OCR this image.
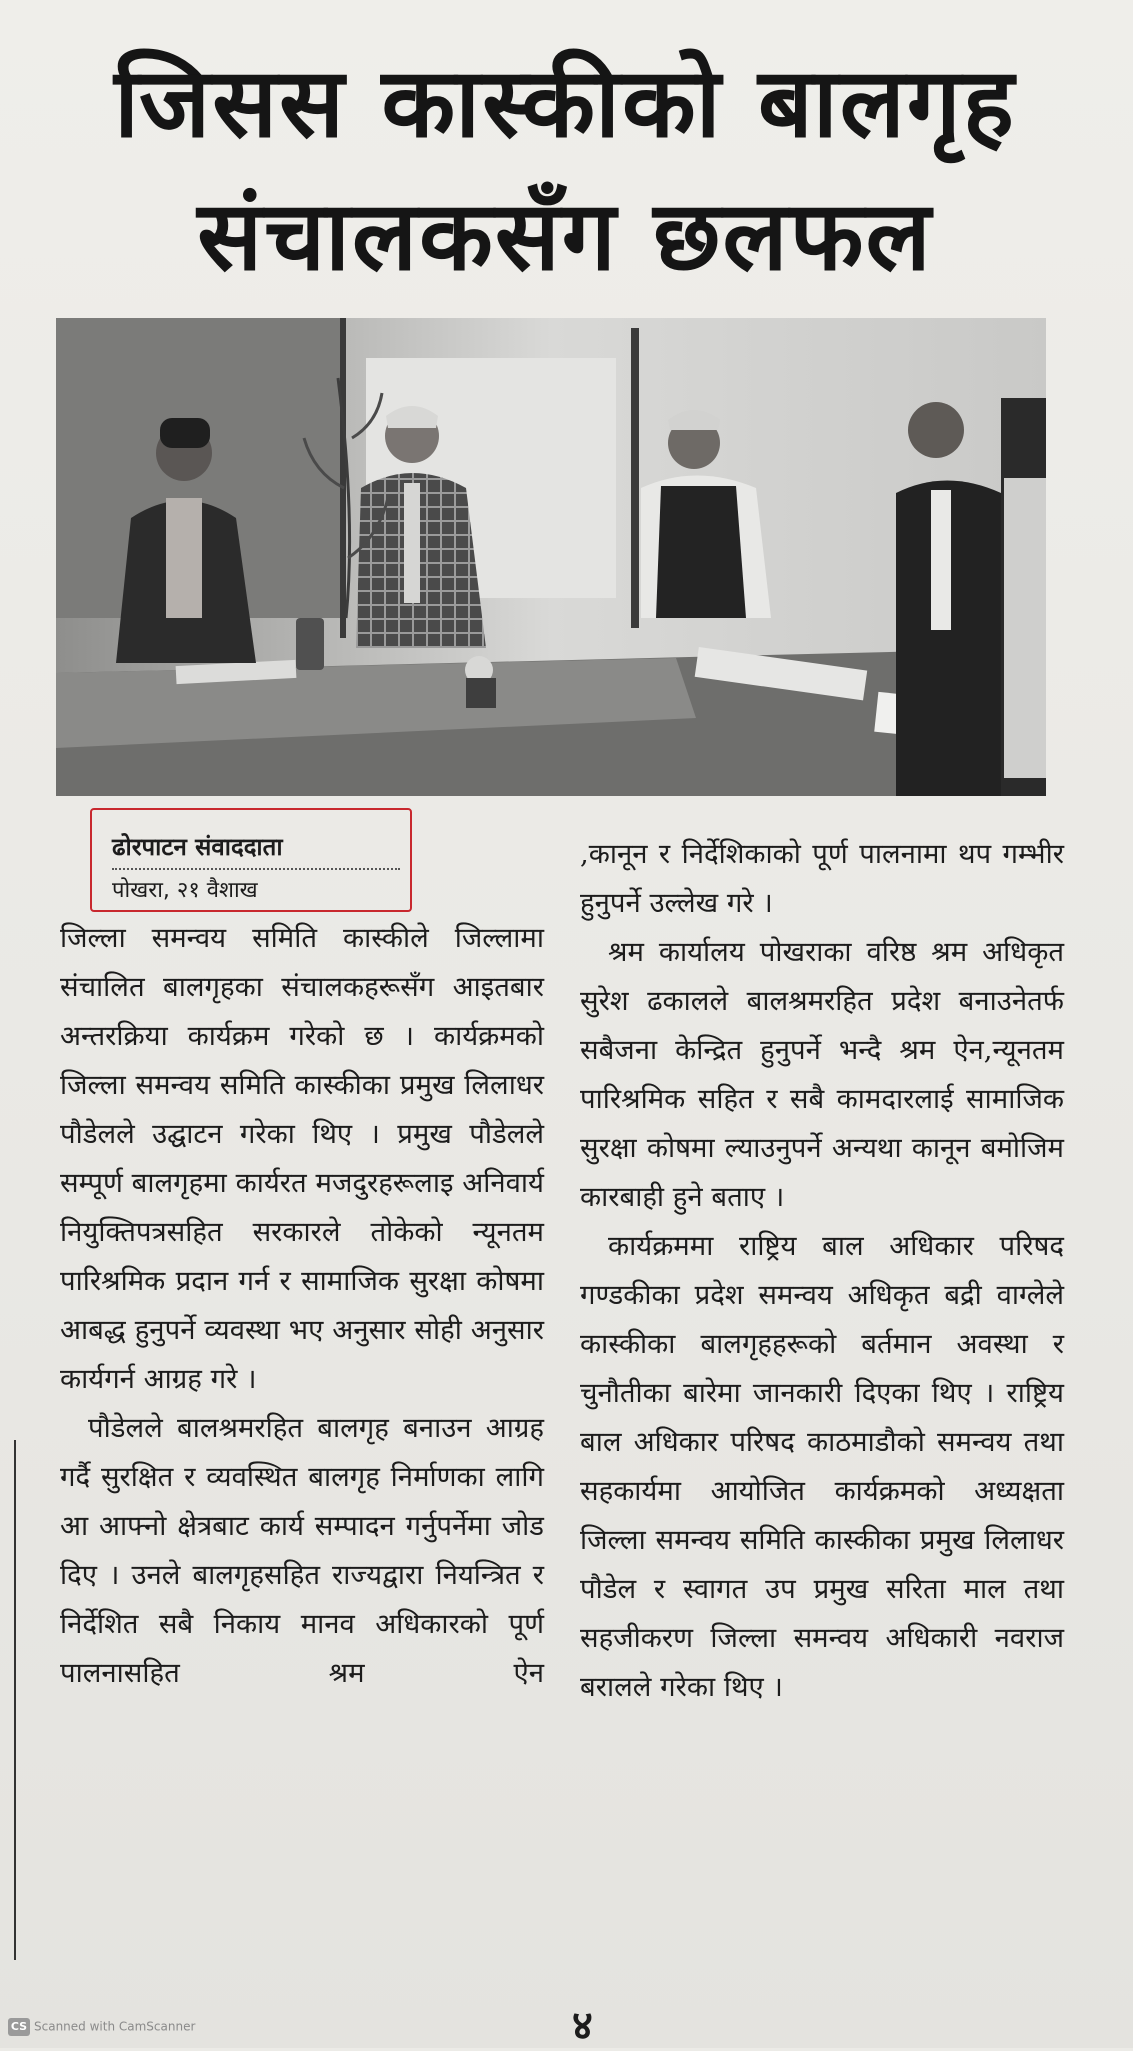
जिसस कास्कीको बालगृह
संचालकसँग छलफल
ढोरपाटन संवाददाता
पोखरा, २१ वैशाख

जिल्ला समन्वय समिति कास्कीले जिल्लामा संचालित बालगृहका संचालकहरूसँग आइतबार अन्तरक्रिया कार्यक्रम गरेको छ । कार्यक्रमको जिल्ला समन्वय समिति कास्कीका प्रमुख लिलाधर पौडेलले उद्घाटन गरेका थिए । प्रमुख पौडेलले सम्पूर्ण बालगृहमा कार्यरत मजदुरहरूलाइ अनिवार्य नियुक्तिपत्रसहित सरकारले तोकेको न्यूनतम पारिश्रमिक प्रदान गर्न र सामाजिक सुरक्षा कोषमा आबद्ध हुनुपर्ने व्यवस्था भए अनुसार सोही अनुसार कार्यगर्न आग्रह गरे ।

पौडेलले बालश्रमरहित बालगृह बनाउन आग्रह गर्दै सुरक्षित र व्यवस्थित बालगृह निर्माणका लागि आ आफ्नो क्षेत्रबाट कार्य सम्पादन गर्नुपर्नेमा जोड दिए । उनले बालगृहसहित राज्यद्वारा नियन्त्रित र निर्देशित सबै निकाय मानव अधिकारको पूर्ण पालनासहित श्रम ऐन

,कानून र निर्देशिकाको पूर्ण पालनामा थप गम्भीर हुनुपर्ने उल्लेख गरे ।

श्रम कार्यालय पोखराका वरिष्ठ श्रम अधिकृत सुरेश ढकालले बालश्रमरहित प्रदेश बनाउनेतर्फ सबैजना केन्द्रित हुनुपर्ने भन्दै श्रम ऐन,न्यूनतम पारिश्रमिक सहित र सबै कामदारलाई सामाजिक सुरक्षा कोषमा ल्याउनुपर्ने अन्यथा कानून बमोजिम कारबाही हुने बताए ।

कार्यक्रममा राष्ट्रिय बाल अधिकार परिषद गण्डकीका प्रदेश समन्वय अधिकृत बद्री वाग्लेले कास्कीका बालगृहहरूको बर्तमान अवस्था र चुनौतीका बारेमा जानकारी दिएका थिए । राष्ट्रिय बाल अधिकार परिषद काठमाडौको समन्वय तथा सहकार्यमा आयोजित कार्यक्रमको अध्यक्षता जिल्ला समन्वय समिति कास्कीका प्रमुख लिलाधर पौडेल र स्वागत उप प्रमुख सरिता माल तथा सहजीकरण जिल्ला समन्वय अधिकारी नवराज बरालले गरेका थिए ।

४
CS Scanned with CamScanner
